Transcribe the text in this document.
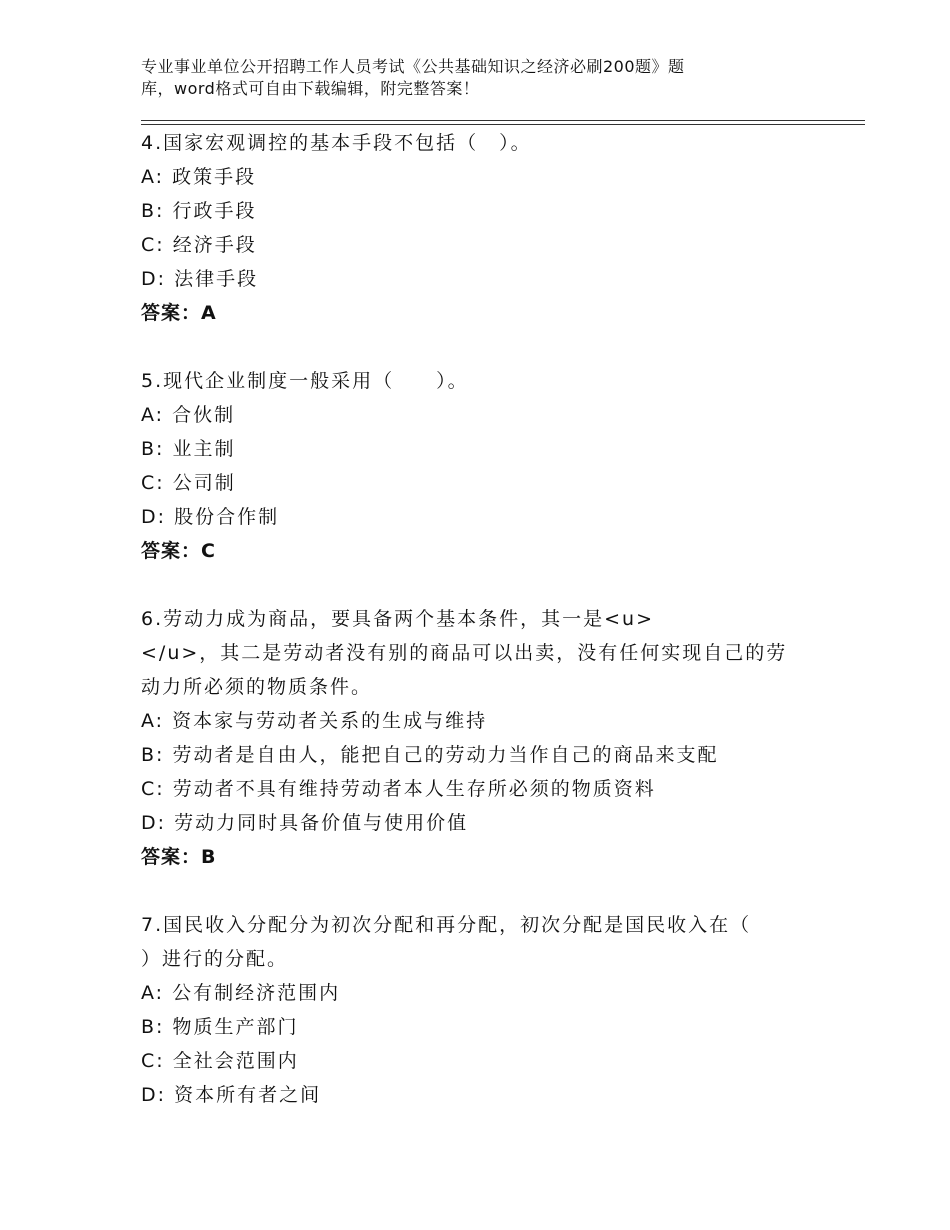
专业事业单位公开招聘工作人员考试《公共基础知识之经济必刷200题》题
库，word格式可自由下载编辑，附完整答案！
4.国家宏观调控的基本手段不包括（　）。
A: 政策手段
B: 行政手段
C: 经济手段
D: 法律手段
答案：A
5.现代企业制度一般采用（　　）。
A: 合伙制
B: 业主制
C: 公司制
D: 股份合作制
答案：C
6.劳动力成为商品，要具备两个基本条件，其一是<u>
</u>，其二是劳动者没有别的商品可以出卖，没有任何实现自己的劳
动力所必须的物质条件。
A: 资本家与劳动者关系的生成与维持
B: 劳动者是自由人，能把自己的劳动力当作自己的商品来支配
C: 劳动者不具有维持劳动者本人生存所必须的物质资料
D: 劳动力同时具备价值与使用价值
答案：B
7.国民收入分配分为初次分配和再分配，初次分配是国民收入在（
）进行的分配。
A: 公有制经济范围内
B: 物质生产部门
C: 全社会范围内
D: 资本所有者之间
